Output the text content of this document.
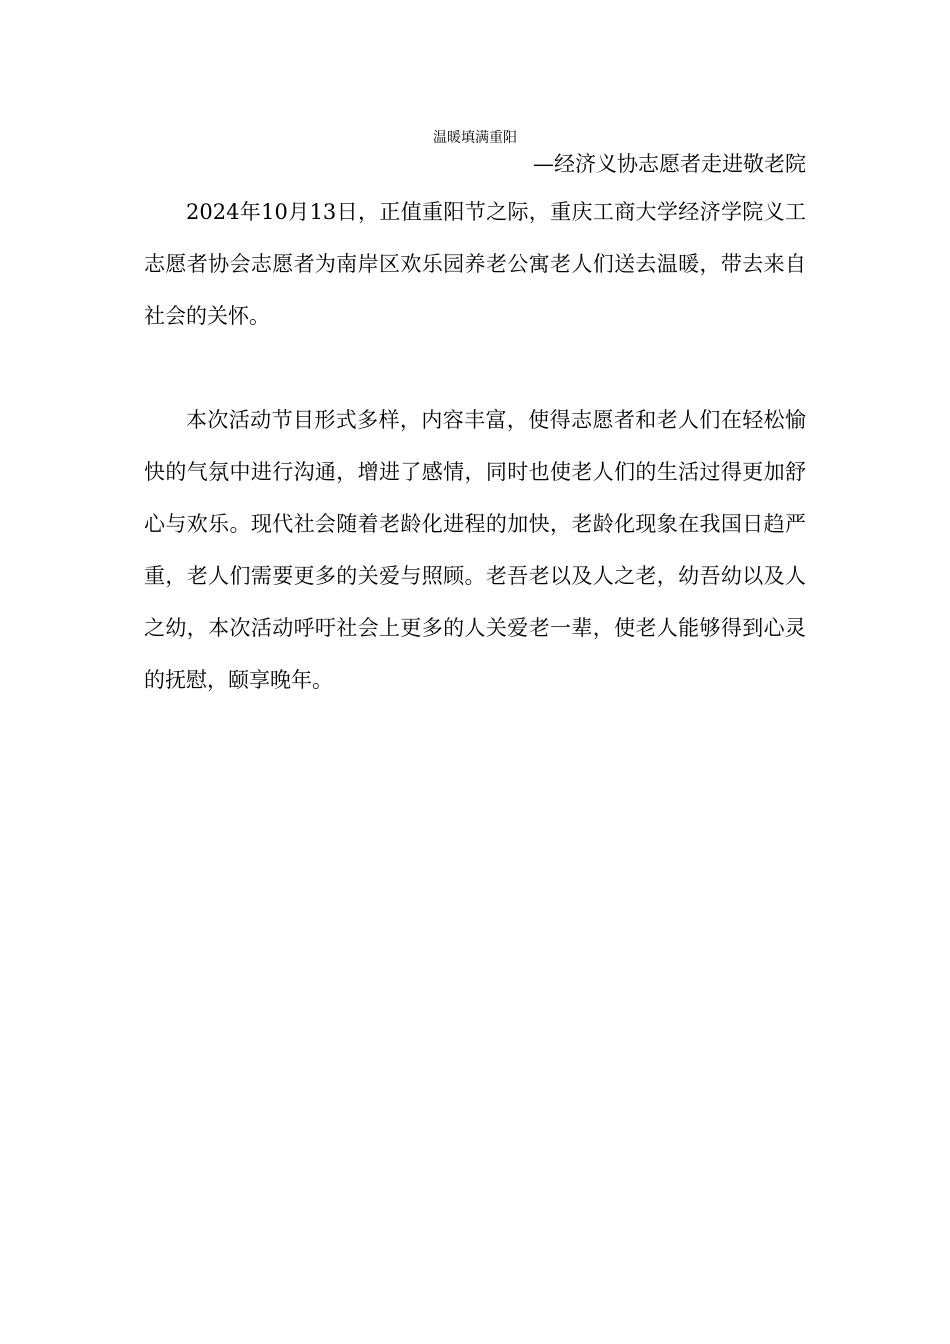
温暖填满重阳

—经济义协志愿者走进敬老院

2024年10月13日，正值重阳节之际，重庆工商大学经济学院义工志愿者协会志愿者为南岸区欢乐园养老公寓老人们送去温暖，带去来自社会的关怀。

本次活动节目形式多样，内容丰富，使得志愿者和老人们在轻松愉快的气氛中进行沟通，增进了感情，同时也使老人们的生活过得更加舒心与欢乐。现代社会随着老龄化进程的加快，老龄化现象在我国日趋严重，老人们需要更多的关爱与照顾。老吾老以及人之老，幼吾幼以及人之幼，本次活动呼吁社会上更多的人关爱老一辈，使老人能够得到心灵的抚慰，颐享晚年。
